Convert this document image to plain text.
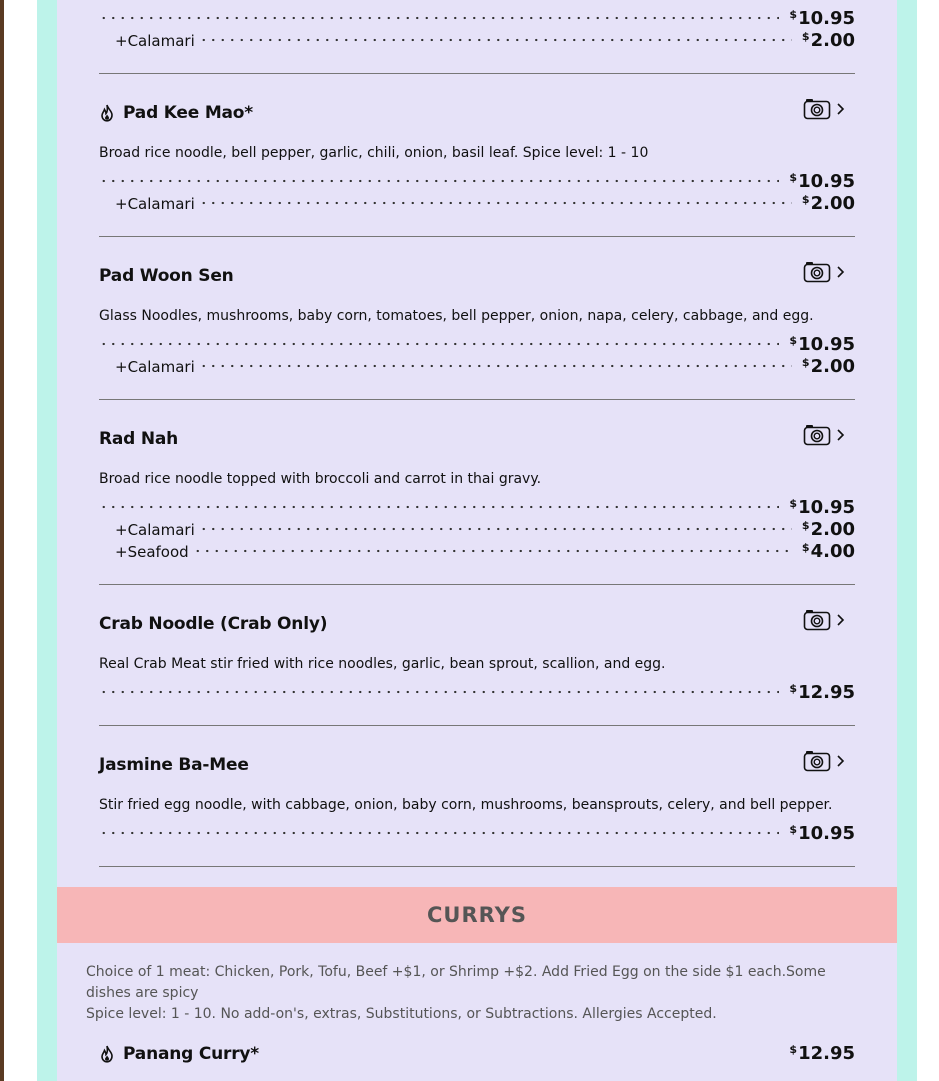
$10.95
+Calamari	$2.00
Pad Kee Mao*
Broad rice noodle, bell pepper, garlic, chili, onion, basil leaf. Spice level: 1 - 10
$10.95
+Calamari	$2.00
Pad Woon Sen
Glass Noodles, mushrooms, baby corn, tomatoes, bell pepper, onion, napa, celery, cabbage, and egg.
$10.95
+Calamari	$2.00
Rad Nah
Broad rice noodle topped with broccoli and carrot in thai gravy.
$10.95
+Calamari	$2.00
+Seafood	$4.00
Crab Noodle (Crab Only)
Real Crab Meat stir fried with rice noodles, garlic, bean sprout, scallion, and egg.
$12.95
Jasmine Ba-Mee
Stir fried egg noodle, with cabbage, onion, baby corn, mushrooms, beansprouts, celery, and bell pepper.
$10.95
CURRYS
Choice of 1 meat: Chicken, Pork, Tofu, Beef +$1, or Shrimp +$2. Add Fried Egg on the side $1 each.Some dishes are spicy
Spice level: 1 - 10. No add-on's, extras, Substitutions, or Subtractions. Allergies Accepted.
Panang Curry*	$12.95
